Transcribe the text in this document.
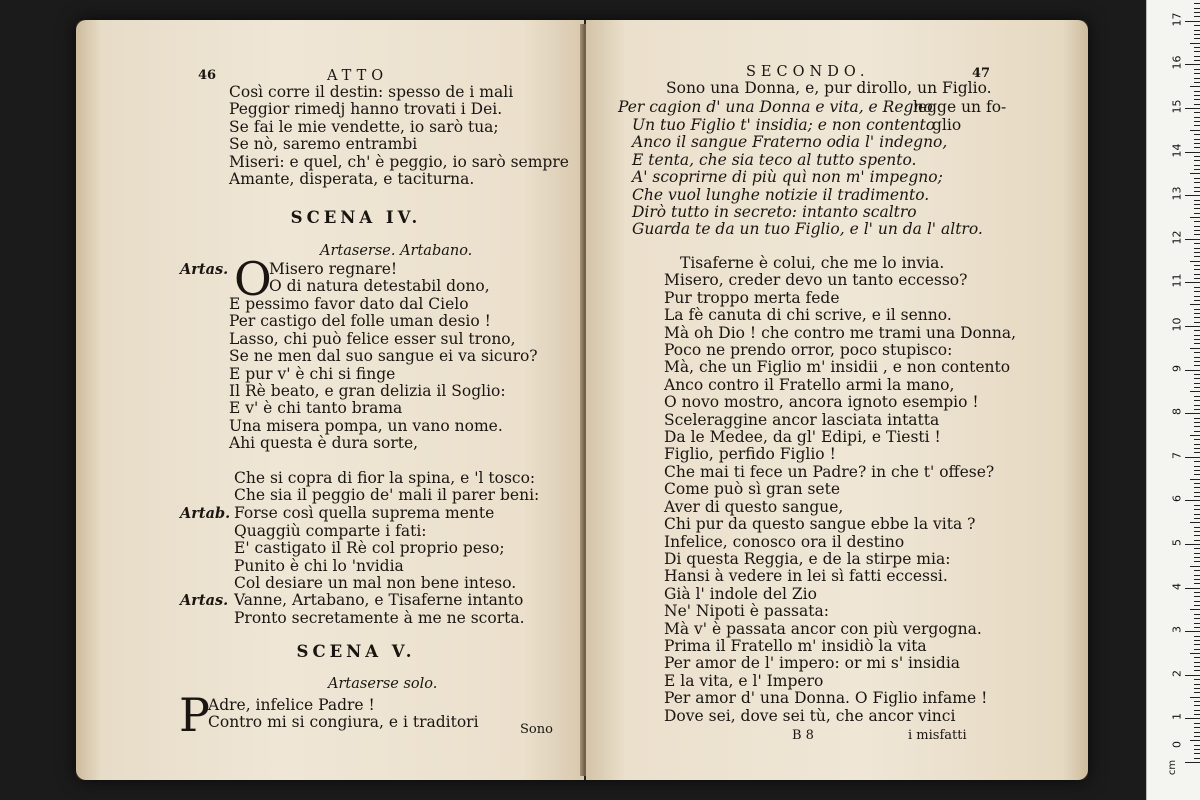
46	ATTO
Così corre il destin: spesso de i mali
Peggior rimedj hanno trovati i Dei.
Se fai le mie vendette, io sarò tua;
Se nò, saremo entrambi
Miseri: e quel, ch' è peggio, io sarò sempre
Amante, disperata, e taciturna.
SCENA IV.
Artaserse. Artabano.
Artas. O
Misero regnare!
O di natura detestabil dono,
E pessimo favor dato dal Cielo
Per castigo del folle uman desio !
Lasso, chi può felice esser sul trono,
Se ne men dal suo sangue ei va sicuro?
E pur v' è chi si finge
Il Rè beato, e gran delizia il Soglio:
E v' è chi tanto brama
Una misera pompa, un vano nome.
Ahi questa è dura sorte,
Che si copra di fior la spina, e 'l tosco:
Che sia il peggio de' mali il parer beni:
Artab. Forse così quella suprema mente
Quaggiù comparte i fati:
E' castigato il Rè col proprio peso;
Punito è chi lo 'nvidia
Col desiare un mal non bene inteso.
Artas. Vanne, Artabano, e Tisaferne intanto
Pronto secretamente à me ne scorta.
SCENA V.
Artaserse solo.
P
Adre, infelice Padre !
Contro mi si congiura, e i traditori	Sono
SECONDO.	47
Sono una Donna, e, pur dirollo, un Figlio.
Per cagion d' una Donna e vita, e Regno
legge un fo-
glio
Un tuo Figlio t' insidia; e non contento
Anco il sangue Fraterno odia l' indegno,
E tenta, che sia teco al tutto spento.
A' scoprirne di più quì non m' impegno;
Che vuol lunghe notizie il tradimento.
Dirò tutto in secreto: intanto scaltro
Guarda te da un tuo Figlio, e l' un da l' altro.
Tisaferne è colui, che me lo invia.
Misero, creder devo un tanto eccesso?
Pur troppo merta fede
La fè canuta di chi scrive, e il senno.
Mà oh Dio ! che contro me trami una Donna,
Poco ne prendo orror, poco stupisco:
Mà, che un Figlio m' insidii , e non contento
Anco contro il Fratello armi la mano,
O novo mostro, ancora ignoto esempio !
Sceleraggine ancor lasciata intatta
Da le Medee, da gl' Edipi, e Tiesti !
Figlio, perfido Figlio !
Che mai ti fece un Padre? in che t' offese?
Come può sì gran sete
Aver di questo sangue,
Chi pur da questo sangue ebbe la vita ?
Infelice, conosco ora il destino
Di questa Reggia, e de la stirpe mia:
Hansi à vedere in lei sì fatti eccessi.
Già l' indole del Zio
Ne' Nipoti è passata:
Mà v' è passata ancor con più vergogna.
Prima il Fratello m' insidiò la vita
Per amor de l' impero: or mi s' insidia
E la vita, e l' Impero
Per amor d' una Donna. O Figlio infame !
Dove sei, dove sei tù, che ancor vinci
B 8	i misfatti
1
2
3
4
5
6
7
8
9
10
11
12
13
14
15
16
17
0
cm
